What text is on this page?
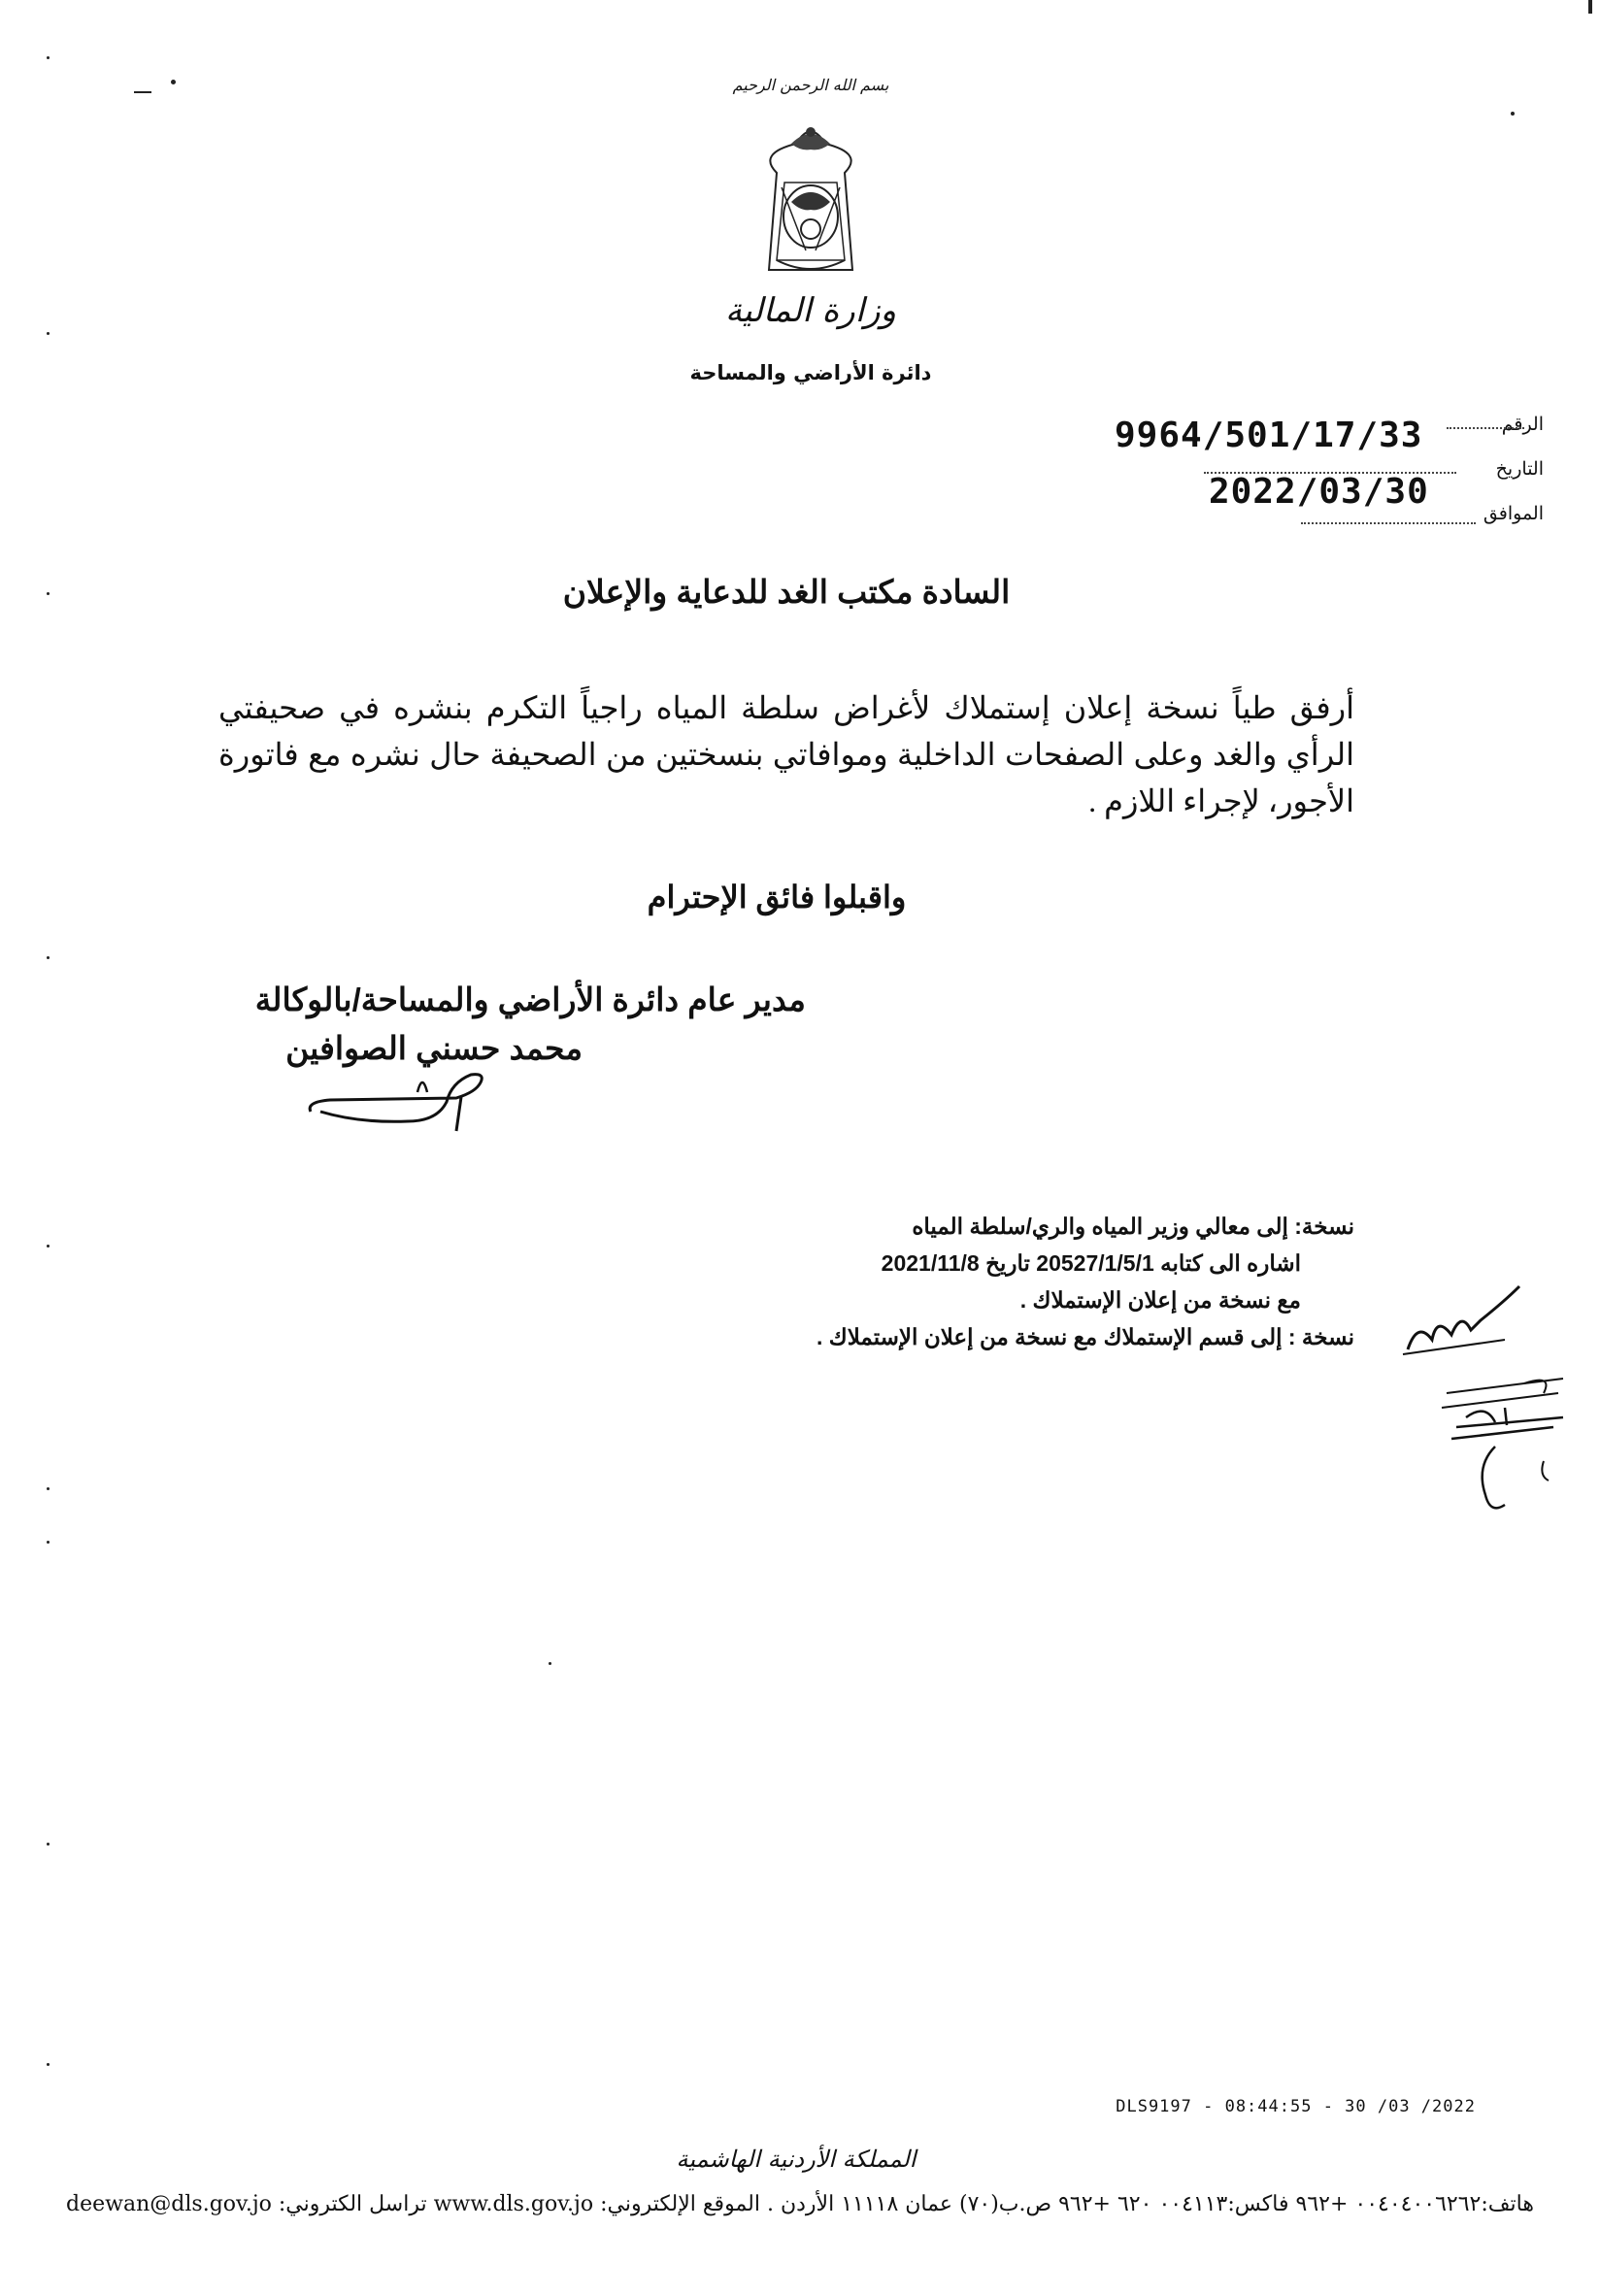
بسم الله الرحمن الرحيم
وزارة المالية
دائرة الأراضي والمساحة
الرقم
9964/501/17/33
التاريخ
2022/03/30
الموافق
السادة مكتب الغد للدعاية والإعلان
أرفق طياً نسخة إعلان إستملاك لأغراض سلطة المياه راجياً التكرم بنشره في صحيفتي الرأي والغد وعلى الصفحات الداخلية وموافاتي بنسختين من الصحيفة حال نشره مع فاتورة الأجور، لإجراء اللازم .
واقبلوا فائق الإحترام
مدير عام دائرة الأراضي والمساحة/بالوكالة
محمد حسني الصوافين
نسخة: إلى معالي وزير المياه والري/سلطة المياه
اشاره الى كتابه 20527/1/5/1 تاريخ 2021/11/8
مع نسخة من إعلان الإستملاك .
نسخة : إلى قسم الإستملاك مع نسخة من إعلان الإستملاك .
DLS9197 - 08:44:55 - 30 /03 /2022
المملكة الأردنية الهاشمية
هاتف:٠٠٤٠٤٠٠٦٢٦٢ +٩٦٢ فاكس:٠٠٤١١٣ ٦٢٠ +٩٦٢ ص.ب(٧٠) عمان ١١١١٨ الأردن . الموقع الإلكتروني: www.dls.gov.jo تراسل الكتروني: deewan@dls.gov.jo
